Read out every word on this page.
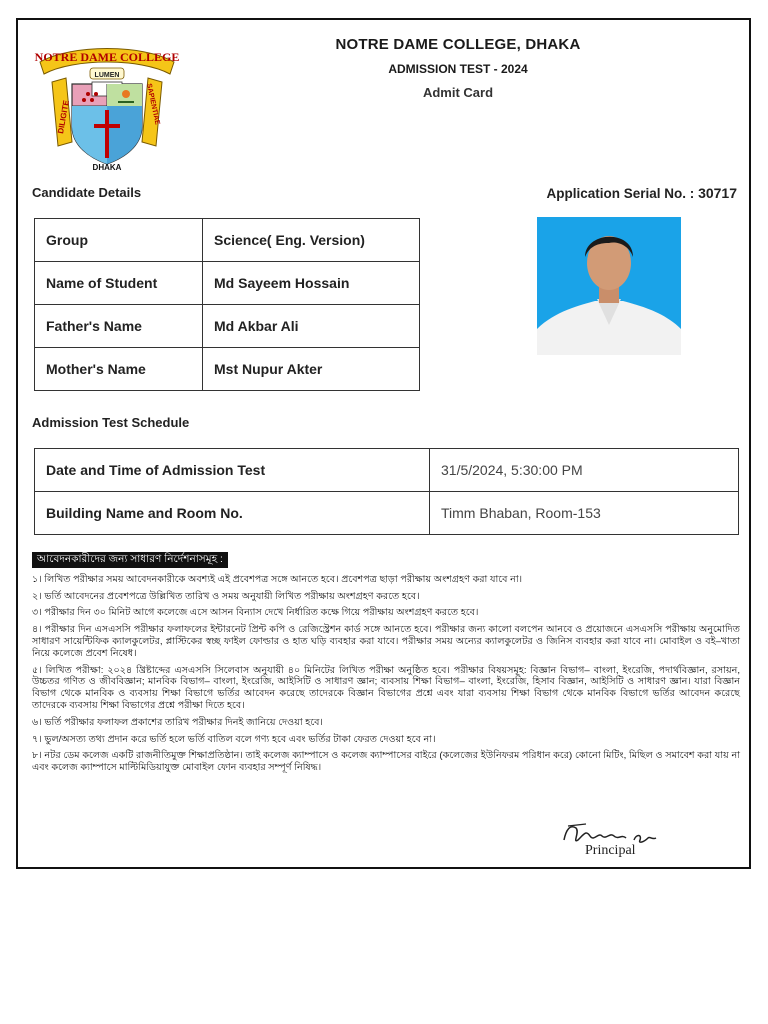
NOTRE DAME COLLEGE
DILIGITE	SAPIENTIAE
LUMEN
DHAKA
NOTRE DAME COLLEGE, DHAKA
ADMISSION TEST - 2024
Admit Card
Candidate Details	Application Serial No. : 30717
Group	Science( Eng. Version)
Name of Student	Md Sayeem Hossain
Father's Name	Md Akbar Ali
Mother's Name	Mst Nupur Akter
Admission Test Schedule
Date and Time of Admission Test	31/5/2024, 5:30:00 PM
Building Name and Room No.	Timm Bhaban, Room-153
আবেদনকারীদের জন্য সাধারণ নির্দেশনাসমূহ :
১। লিখিত পরীক্ষার সময় আবেদনকারীকে অবশ্যই এই প্রবেশপত্র সঙ্গে আনতে হবে। প্রবেশপত্র ছাড়া পরীক্ষায় অংশগ্রহণ করা যাবে না।
২। ভর্তি আবেদনের প্রবেশপত্রে উল্লিখিত তারিখ ও সময় অনুযায়ী লিখিত পরীক্ষায় অংশগ্রহণ করতে হবে।
৩। পরীক্ষার দিন ৩০ মিনিট আগে কলেজে এসে আসন বিন্যাস দেখে নির্ধারিত কক্ষে গিয়ে পরীক্ষায় অংশগ্রহণ করতে হবে।
৪। পরীক্ষার দিন এসএসসি পরীক্ষার ফলাফলের ইন্টারনেট প্রিন্ট কপি ও রেজিস্ট্রেশন কার্ড সঙ্গে আনতে হবে। পরীক্ষার জন্য কালো বলপেন আনবে ও প্রয়োজনে এসএসসি পরীক্ষায় অনুমোদিত সাধারণ সায়েন্টিফিক ক্যালকুলেটর, প্লাস্টিকের স্বচ্ছ ফাইল ফোল্ডার ও হাত ঘড়ি ব্যবহার করা যাবে। পরীক্ষার সময় অন্যের ক্যালকুলেটর ও জিনিস ব্যবহার করা যাবে না। মোবাইল ও বই–খাতা নিয়ে কলেজে প্রবেশ নিষেধ।
৫। লিখিত পরীক্ষা: ২০২৪ খ্রিষ্টাব্দের এসএসসি সিলেবাস অনুযায়ী ৪০ মিনিটের লিখিত পরীক্ষা অনুষ্ঠিত হবে। পরীক্ষার বিষয়সমূহ: বিজ্ঞান বিভাগ– বাংলা, ইংরেজি, পদার্থবিজ্ঞান, রসায়ন, উচ্চতর গণিত ও জীববিজ্ঞান; মানবিক বিভাগ– বাংলা, ইংরেজি, আইসিটি ও সাধারণ জ্ঞান; ব্যবসায় শিক্ষা বিভাগ– বাংলা, ইংরেজি, হিসাব বিজ্ঞান, আইসিটি ও সাধারণ জ্ঞান। যারা বিজ্ঞান বিভাগ থেকে মানবিক ও ব্যবসায় শিক্ষা বিভাগে ভর্তির আবেদন করেছে তাদেরকে বিজ্ঞান বিভাগের প্রশ্নে এবং যারা ব্যবসায় শিক্ষা বিভাগ থেকে মানবিক বিভাগে ভর্তির আবেদন করেছে তাদেরকে ব্যবসায় শিক্ষা বিভাগের প্রশ্নে পরীক্ষা দিতে হবে।
৬। ভর্তি পরীক্ষার ফলাফল প্রকাশের তারিখ পরীক্ষার দিনই জানিয়ে দেওয়া হবে।
৭। ভুল/অসত্য তথ্য প্রদান করে ভর্তি হলে ভর্তি বাতিল বলে গণ্য হবে এবং ভর্তির টাকা ফেরত দেওয়া হবে না।
৮। নটর ডেম কলেজ একটি রাজনীতিমুক্ত শিক্ষাপ্রতিষ্ঠান। তাই কলেজ ক্যাম্পাসে ও কলেজ ক্যাম্পাসের বাইরে (কলেজের ইউনিফরম পরিধান করে) কোনো মিটিং, মিছিল ও সমাবেশ করা যায় না এবং কলেজ ক্যাম্পাসে মাল্টিমিডিয়াযুক্ত মোবাইল ফোন ব্যবহার সম্পূর্ণ নিষিদ্ধ।
Principal
